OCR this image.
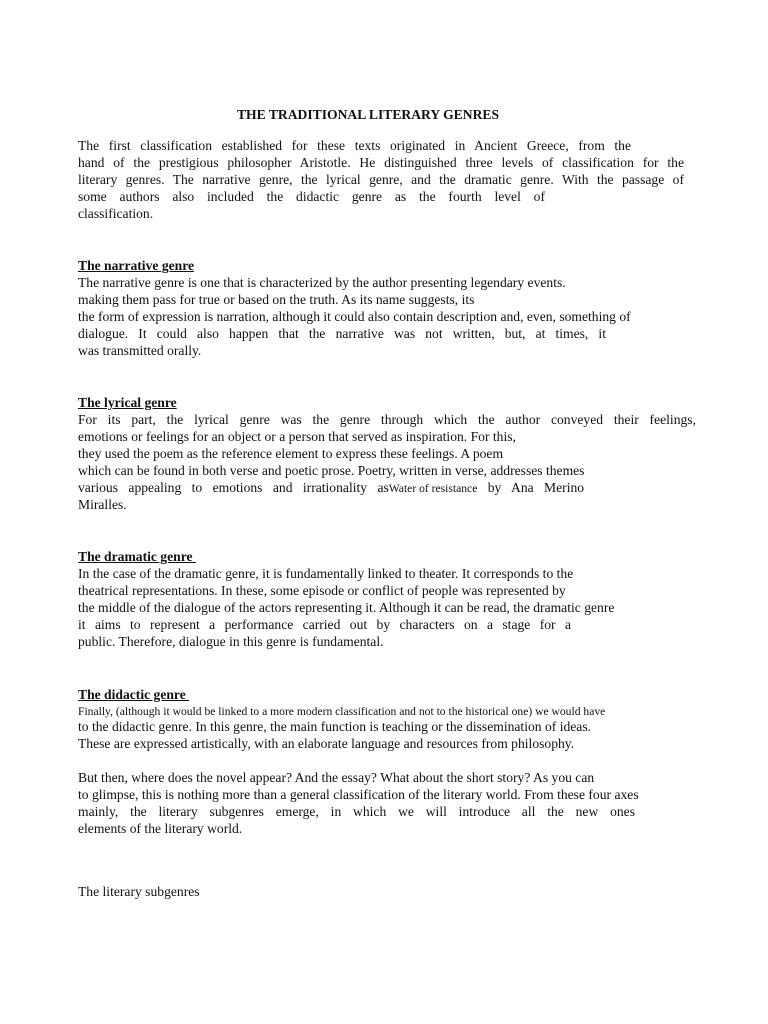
THE TRADITIONAL LITERARY GENRES
The first classification established for these texts originated in Ancient Greece, from the
hand of the prestigious philosopher Aristotle. He distinguished three levels of classification for the
literary genres. The narrative genre, the lyrical genre, and the dramatic genre. With the passage of
some authors also included the didactic genre as the fourth level of
classification.
The narrative genre
The narrative genre is one that is characterized by the author presenting legendary events.
making them pass for true or based on the truth. As its name suggests, its
the form of expression is narration, although it could also contain description and, even, something of
dialogue. It could also happen that the narrative was not written, but, at times, it
was transmitted orally.
The lyrical genre
For its part, the lyrical genre was the genre through which the author conveyed their feelings,
emotions or feelings for an object or a person that served as inspiration. For this,
they used the poem as the reference element to express these feelings. A poem
which can be found in both verse and poetic prose. Poetry, written in verse, addresses themes
various appealing to emotions and irrationality asWater of resistance by Ana Merino
Miralles.
The dramatic genre
In the case of the dramatic genre, it is fundamentally linked to theater. It corresponds to the
theatrical representations. In these, some episode or conflict of people was represented by
the middle of the dialogue of the actors representing it. Although it can be read, the dramatic genre
it aims to represent a performance carried out by characters on a stage for a
public. Therefore, dialogue in this genre is fundamental.
The didactic genre
Finally, (although it would be linked to a more modern classification and not to the historical one) we would have
to the didactic genre. In this genre, the main function is teaching or the dissemination of ideas.
These are expressed artistically, with an elaborate language and resources from philosophy.
But then, where does the novel appear? And the essay? What about the short story? As you can
to glimpse, this is nothing more than a general classification of the literary world. From these four axes
mainly, the literary subgenres emerge, in which we will introduce all the new ones
elements of the literary world.
The literary subgenres
